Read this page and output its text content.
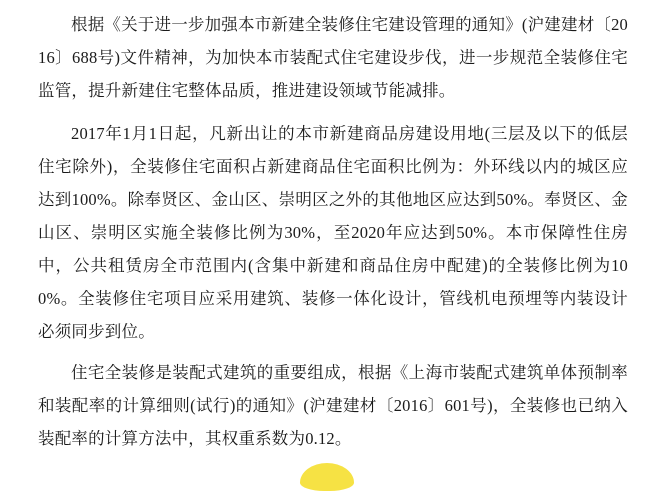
根据《关于进一步加强本市新建全装修住宅建设管理的通知》(沪建建材〔2016〕688号)文件精神，为加快本市装配式住宅建设步伐，进一步规范全装修住宅监管，提升新建住宅整体品质，推进建设领域节能减排。

2017年1月1日起，凡新出让的本市新建商品房建设用地(三层及以下的低层住宅除外)，全装修住宅面积占新建商品住宅面积比例为：外环线以内的城区应达到100%。除奉贤区、金山区、崇明区之外的其他地区应达到50%。奉贤区、金山区、崇明区实施全装修比例为30%，至2020年应达到50%。本市保障性住房中，公共租赁房全市范围内(含集中新建和商品住房中配建)的全装修比例为100%。全装修住宅项目应采用建筑、装修一体化设计，管线机电预埋等内装设计必须同步到位。

住宅全装修是装配式建筑的重要组成，根据《上海市装配式建筑单体预制率和装配率的计算细则(试行)的通知》(沪建建材〔2016〕601号)，全装修也已纳入装配率的计算方法中，其权重系数为0.12。
